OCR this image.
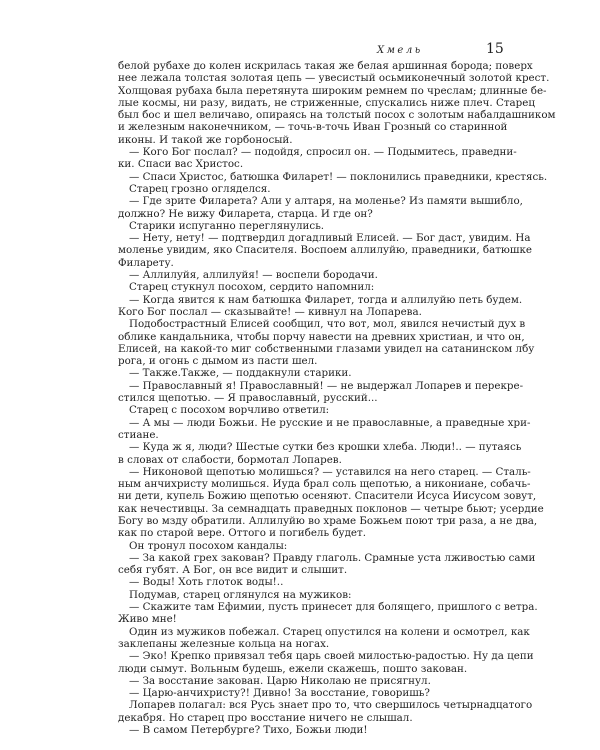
Хмель	15
белой рубахе до колен искрилась такая же белая аршинная борода; поверх
нее лежала толстая золотая цепь — увесистый осьмиконечный золотой крест.
Холщовая рубаха была перетянута широким ремнем по чреслам; длинные бе-
лые космы, ни разу, видать, не стриженные, спускались ниже плеч. Старец
был бос и шел величаво, опираясь на толстый посох с золотым набалдашником
и железным наконечником, — точь-в-точь Иван Грозный со старинной
иконы. И такой же горбоносый.
— Кого Бог послал? — подойдя, спросил он. — Подымитесь, праведни-
ки. Спаси вас Христос.
— Спаси Христос, батюшка Филарет! — поклонились праведники, крестясь.
Старец грозно огляделся.
— Где зрите Филарета? Али у алтаря, на моленье? Из памяти вышибло,
должно? Не вижу Филарета, старца. И где он?
Старики испуганно переглянулись.
— Нету, нету! — подтвердил догадливый Елисей. — Бог даст, увидим. На
моленье увидим, яко Спасителя. Воспоем аллилуйю, праведники, батюшке
Филарету.
— Аллилуйя, аллилуйя! — воспели бородачи.
Старец стукнул посохом, сердито напомнил:
— Когда явится к нам батюшка Филарет, тогда и аллилуйю петь будем.
Кого Бог послал — сказывайте! — кивнул на Лопарева.
Подобострастный Елисей сообщил, что вот, мол, явился нечистый дух в
облике кандальника, чтобы порчу навести на древних христиан, и что он,
Елисей, на какой-то миг собственными глазами увидел на сатанинском лбу
рога, и огонь с дымом из пасти шел.
— Также.Также, — поддакнули старики.
— Православный я! Православный! — не выдержал Лопарев и перекре-
стился щепотью. — Я православный, русский...
Старец с посохом ворчливо ответил:
— А мы — люди Божьи. Не русские и не православные, а праведные хри-
стиане.
— Куда ж я, люди? Шестые сутки без крошки хлеба. Люди!.. — путаясь
в словах от слабости, бормотал Лопарев.
— Никоновой щепотью молишься? — уставился на него старец. — Сталь-
ным анчихристу молишься. Иуда брал соль щепотью, а никониане, собачь-
ни дети, купель Божию щепотью осеняют. Спасители Исуса Иисусом зовут,
как нечестивцы. За семнадцать праведных поклонов — четыре бьют; усердие
Богу во мзду обратили. Аллилуйю во храме Божьем поют три раза, а не два,
как по старой вере. Оттого и погибель будет.
Он тронул посохом кандалы:
— За какой грех закован? Правду глаголь. Срамные уста лживостью сами
себя губят. А Бог, он все видит и слышит.
— Воды! Хоть глоток воды!..
Подумав, старец оглянулся на мужиков:
— Скажите там Ефимии, пусть принесет для болящего, пришлого с ветра.
Живо мне!
Один из мужиков побежал. Старец опустился на колени и осмотрел, как
заклепаны железные кольца на ногах.
— Эко! Крепко привязал тебя царь своей милостью-радостью. Ну да цепи
люди сымут. Вольным будешь, ежели скажешь, пошто закован.
— За восстание закован. Царю Николаю не присягнул.
— Царю-анчихристу?! Дивно! За восстание, говоришь?
Лопарев полагал: вся Русь знает про то, что свершилось четырнадцатого
декабря. Но старец про восстание ничего не слышал.
— В самом Петербурге? Тихо, Божьи люди!
